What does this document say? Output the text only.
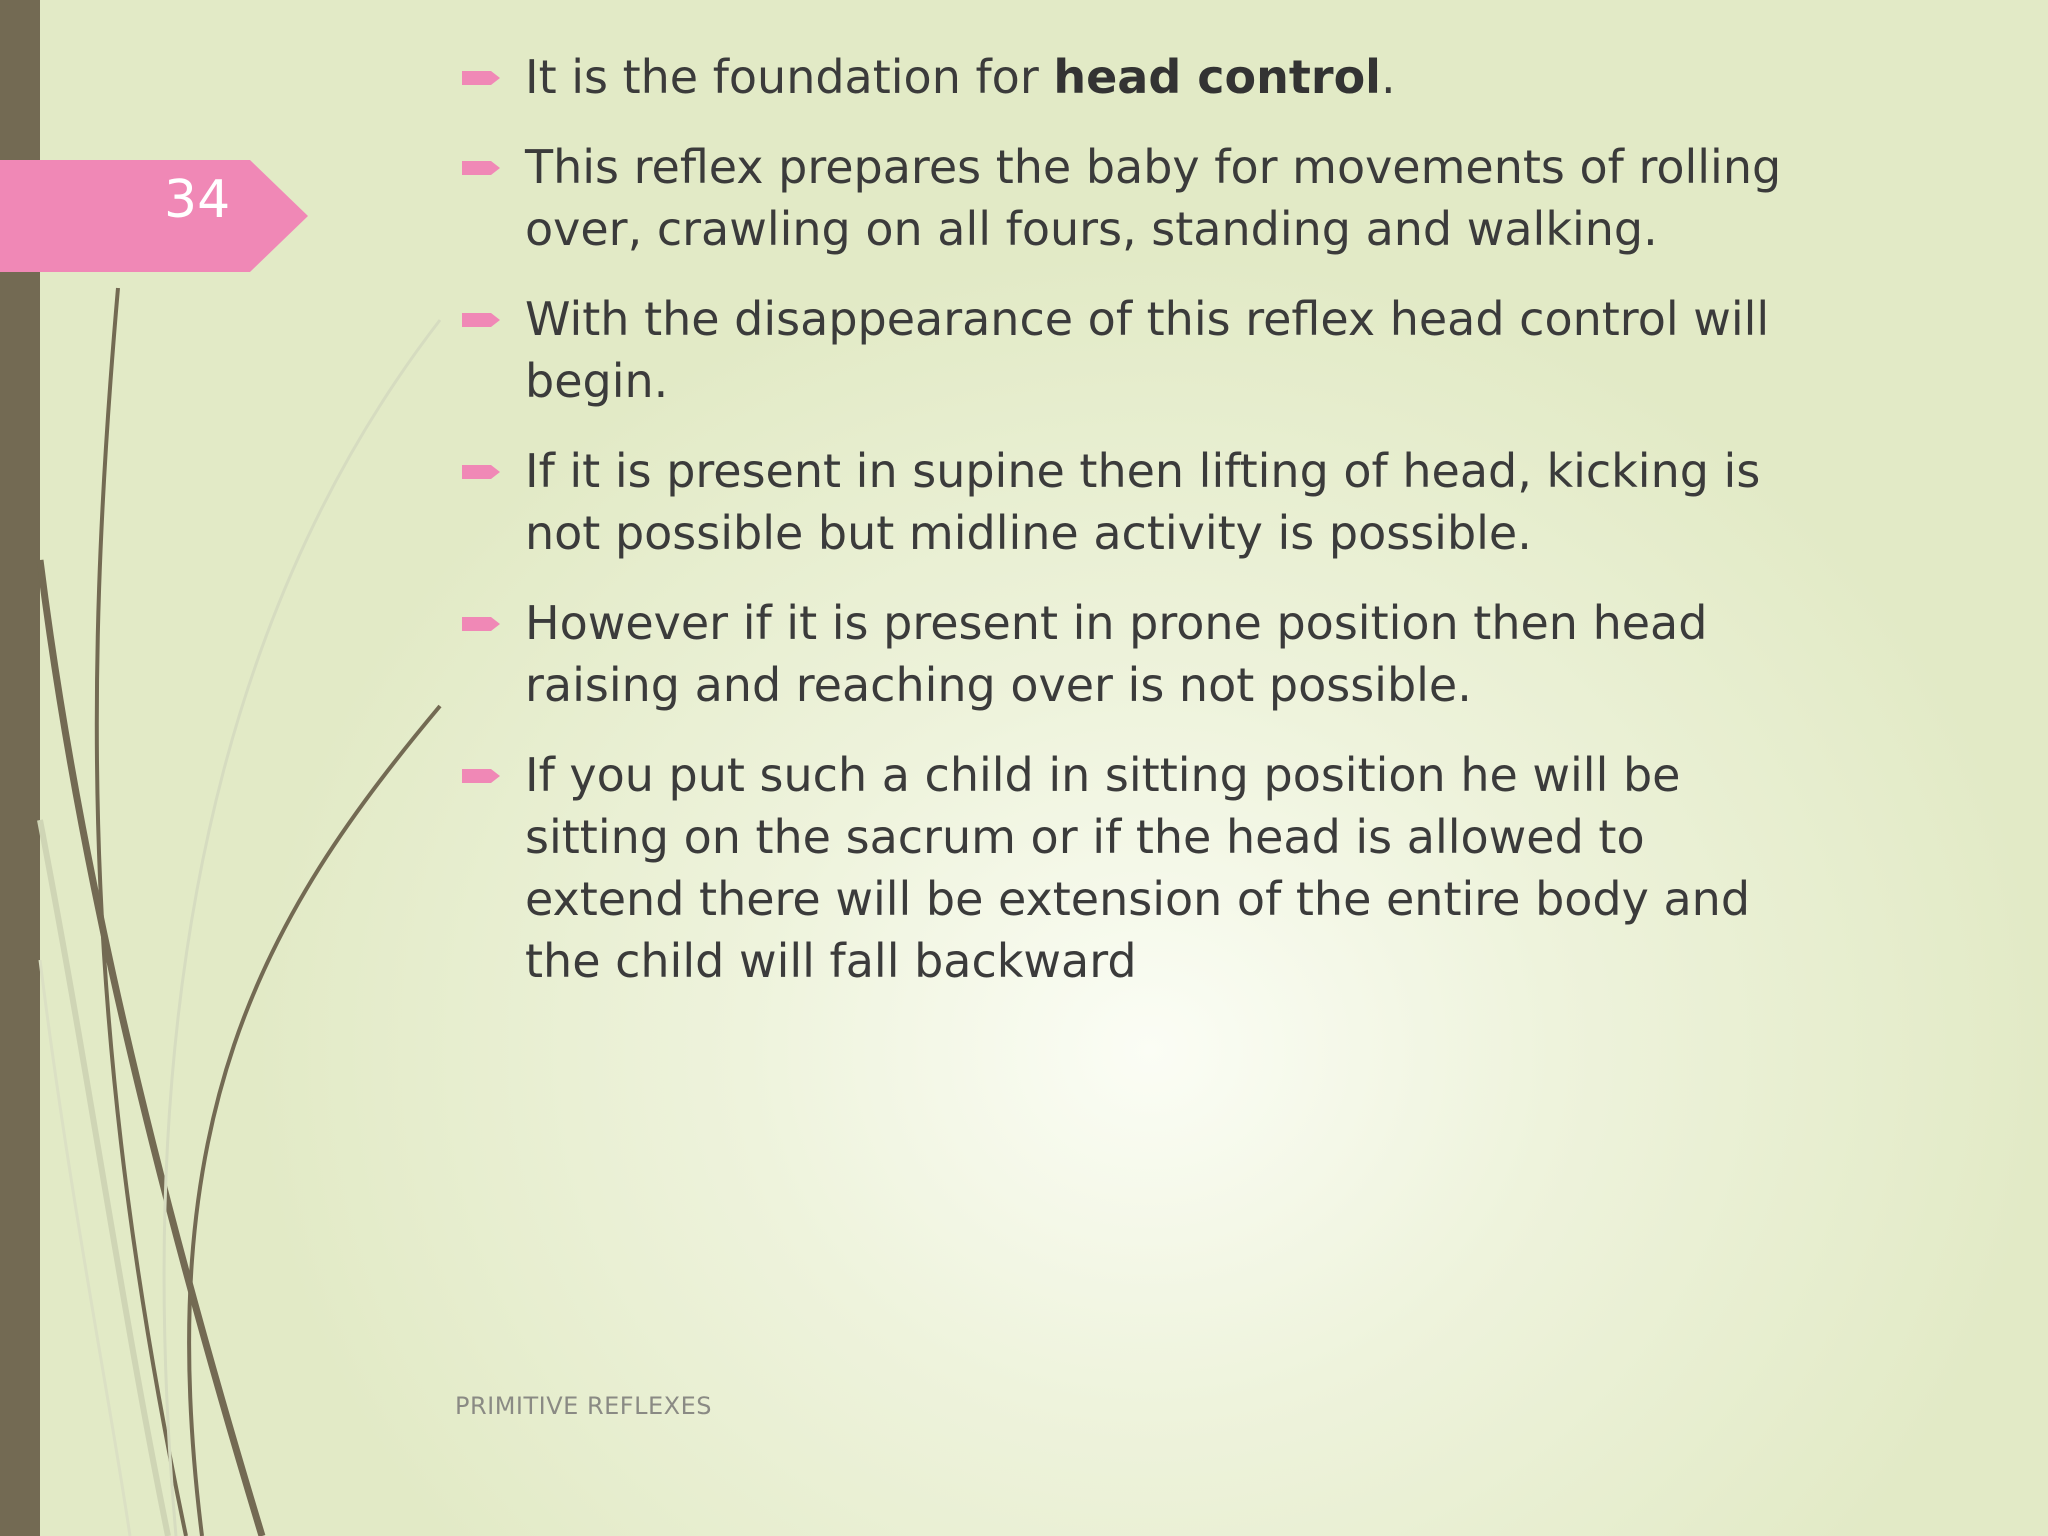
34
It is the foundation for head control.
This reflex prepares the baby for movements of rolling over, crawling on all fours, standing and walking.
With the disappearance of this reflex head control will begin.
If it is present in supine then lifting of head, kicking is not possible but midline activity is possible.
However if it is present in prone position then head raising and reaching over is not possible.
If you put such a child in sitting position he will be sitting on the sacrum or if the head is allowed to extend there will be extension of the entire body and the child will fall backward
PRIMITIVE REFLEXES
